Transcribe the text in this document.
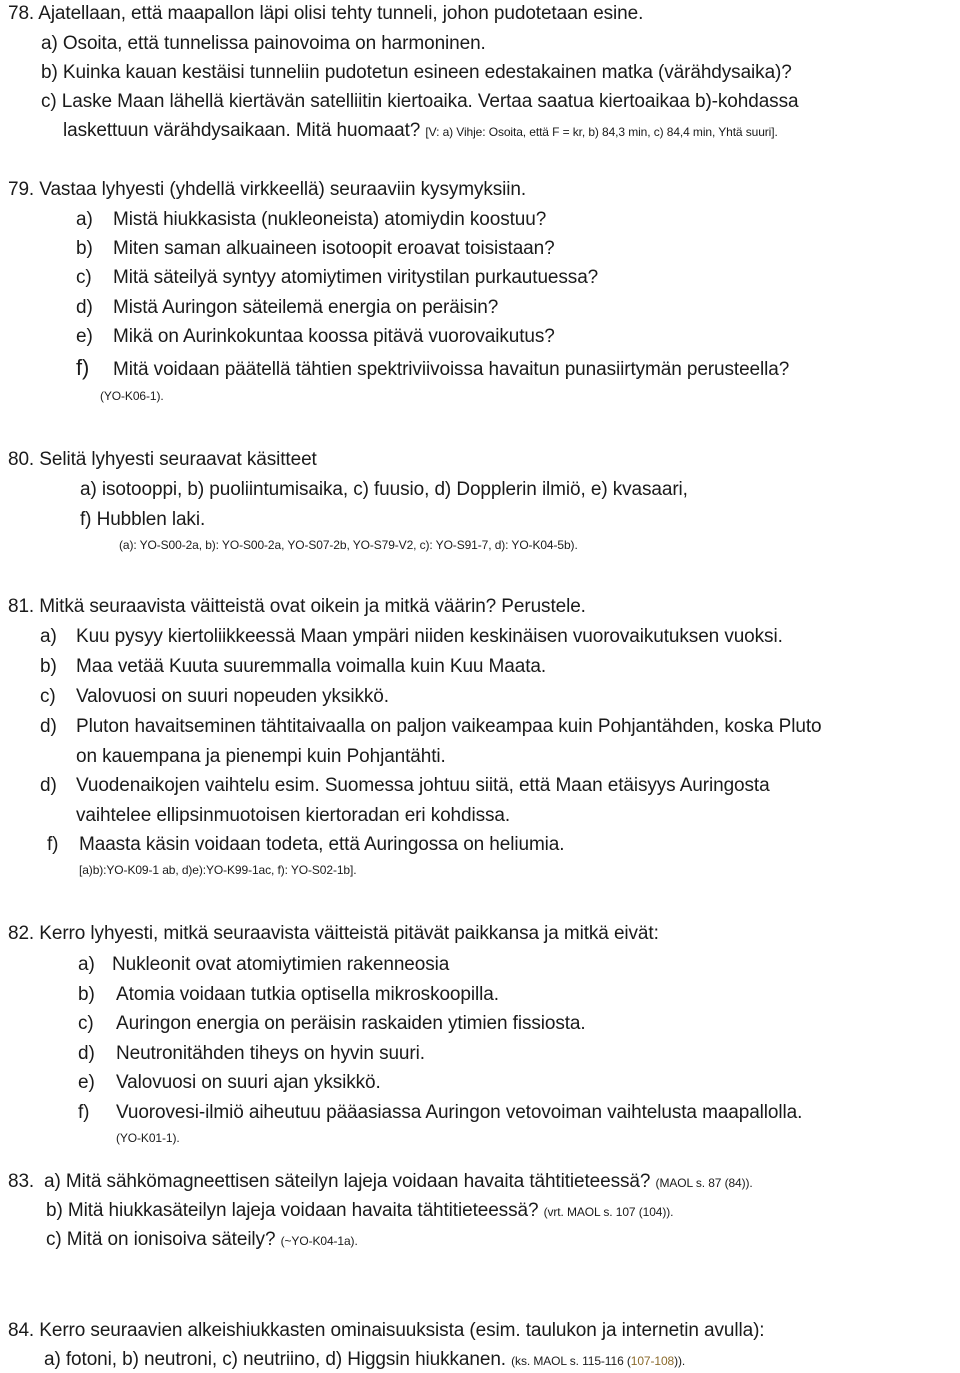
78. Ajatellaan, että maapallon läpi olisi tehty tunneli, johon pudotetaan esine.
a) Osoita, että tunnelissa painovoima on harmoninen.
b) Kuinka kauan kestäisi tunneliin pudotetun esineen edestakainen matka (värähdysaika)?
c) Laske Maan lähellä kiertävän satelliitin kiertoaika. Vertaa saatua kiertoaikaa b)-kohdassa
laskettuun värähdysaikaan. Mitä huomaat? [V: a) Vihje: Osoita, että F = kr, b) 84,3 min, c) 84,4 min, Yhtä suuri].
79. Vastaa lyhyesti (yhdellä virkkeellä) seuraaviin kysymyksiin.
a) Mistä hiukkasista (nukleoneista) atomiydin koostuu?
b) Miten saman alkuaineen isotoopit eroavat toisistaan?
c) Mitä säteilyä syntyy atomiytimen viritystilan purkautuessa?
d) Mistä Auringon säteilemä energia on peräisin?
e) Mikä on Aurinkokuntaa koossa pitävä vuorovaikutus?
f) Mitä voidaan päätellä tähtien spektriviivoissa havaitun punasiirtymän perusteella?
(YO-K06-1).
80. Selitä lyhyesti seuraavat käsitteet
a) isotooppi, b) puoliintumisaika, c) fuusio, d) Dopplerin ilmiö, e) kvasaari,
f) Hubblen laki.
(a): YO-S00-2a, b): YO-S00-2a, YO-S07-2b, YO-S79-V2, c): YO-S91-7, d): YO-K04-5b).
81. Mitkä seuraavista väitteistä ovat oikein ja mitkä väärin? Perustele.
a) Kuu pysyy kiertoliikkeessä Maan ympäri niiden keskinäisen vuorovaikutuksen vuoksi.
b) Maa vetää Kuuta suuremmalla voimalla kuin Kuu Maata.
c) Valovuosi on suuri nopeuden yksikkö.
d) Pluton havaitseminen tähtitaivaalla on paljon vaikeampaa kuin Pohjantähden, koska Pluto
on kauempana ja pienempi kuin Pohjantähti.
d) Vuodenaikojen vaihtelu esim. Suomessa johtuu siitä, että Maan etäisyys Auringosta
vaihtelee ellipsinmuotoisen kiertoradan eri kohdissa.
f) Maasta käsin voidaan todeta, että Auringossa on heliumia.
[a)b):YO-K09-1 ab, d)e):YO-K99-1ac, f): YO-S02-1b].
82. Kerro lyhyesti, mitkä seuraavista väitteistä pitävät paikkansa ja mitkä eivät:
a) Nukleonit ovat atomiytimien rakenneosia
b) Atomia voidaan tutkia optisella mikroskoopilla.
c) Auringon energia on peräisin raskaiden ytimien fissiosta.
d) Neutronitähden tiheys on hyvin suuri.
e) Valovuosi on suuri ajan yksikkö.
f) Vuorovesi-ilmiö aiheutuu pääasiassa Auringon vetovoiman vaihtelusta maapallolla.
(YO-K01-1).
83. a) Mitä sähkömagneettisen säteilyn lajeja voidaan havaita tähtitieteessä? (MAOL s. 87 (84)).
b) Mitä hiukkasäteilyn lajeja voidaan havaita tähtitieteessä? (vrt. MAOL s. 107 (104)).
c) Mitä on ionisoiva säteily? (~YO-K04-1a).
84. Kerro seuraavien alkeishiukkasten ominaisuuksista (esim. taulukon ja internetin avulla):
a) fotoni, b) neutroni, c) neutriino, d) Higgsin hiukkanen. (ks. MAOL s. 115-116 (107-108)).
